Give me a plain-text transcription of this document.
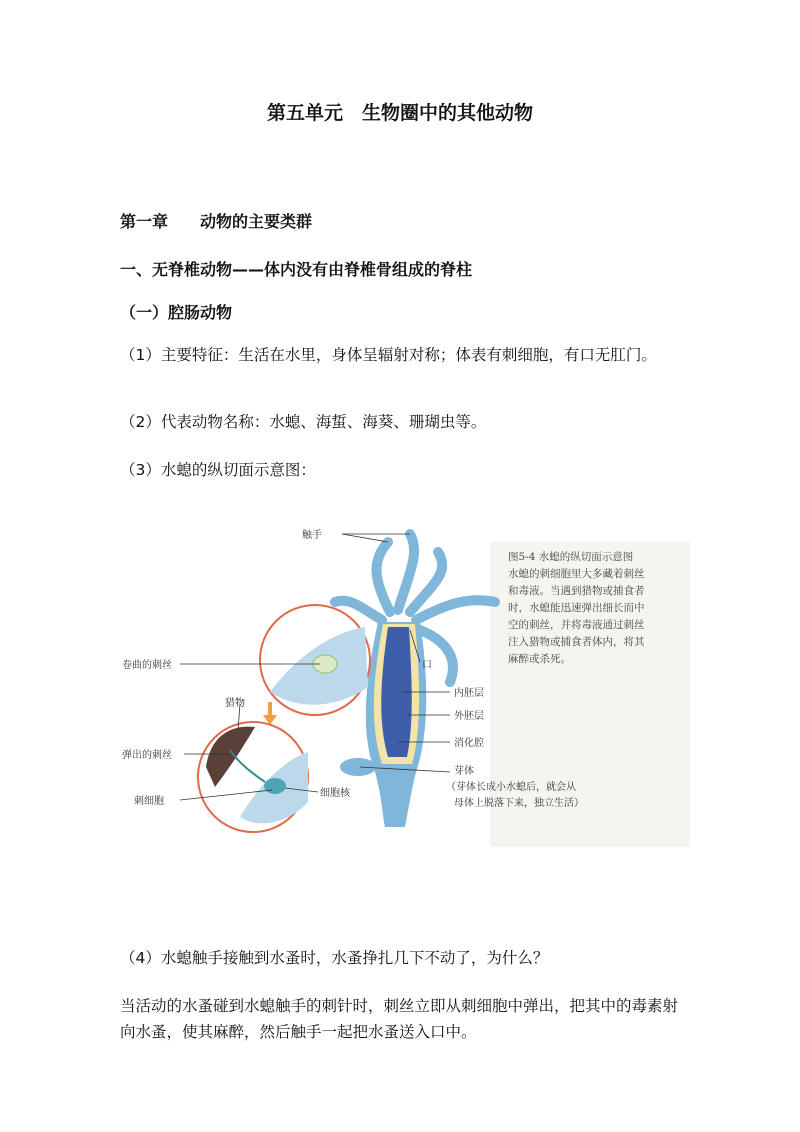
第五单元　生物圈中的其他动物
第一章　　动物的主要类群
一、无脊椎动物——体内没有由脊椎骨组成的脊柱
（一）腔肠动物
（1）主要特征：生活在水里，身体呈辐射对称；体表有刺细胞，有口无肛门。
（2）代表动物名称：水螅、海蜇、海葵、珊瑚虫等。
（3）水螅的纵切面示意图：
触手
卷曲的刺丝
猎物
弹出的刺丝
刺细胞
细胞核
口
内胚层
外胚层
消化腔
芽体
（芽体长成小水螅后，就会从
母体上脱落下来，独立生活）
图5-4 水螅的纵切面示意图
水螅的刺细胞里大多藏着刺丝
和毒液。当遇到猎物或捕食者
时，水螅能迅速弹出细长而中
空的刺丝，并将毒液通过刺丝
注入猎物或捕食者体内，将其
麻醉或杀死。
（4）水螅触手接触到水蚤时，水蚤挣扎几下不动了，为什么？
当活动的水蚤碰到水螅触手的刺针时，刺丝立即从刺细胞中弹出，把其中的毒素射向水蚤，使其麻醉，然后触手一起把水蚤送入口中。
